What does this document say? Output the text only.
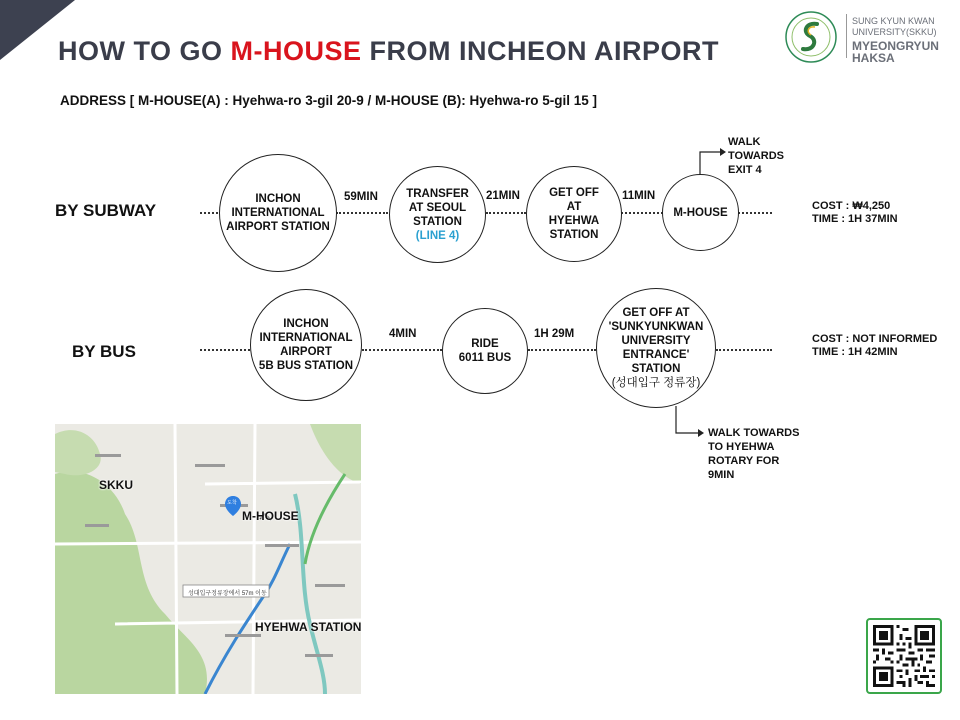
HOW TO GO M-HOUSE FROM INCHEON AIRPORT
ADDRESS [ M-HOUSE(A) : Hyehwa-ro 3-gil 20-9 / M-HOUSE (B): Hyehwa-ro 5-gil 15 ]
SUNG KYUN KWAN UNIVERSITY(SKKU)
MYEONGRYUN HAKSA
BY SUBWAY
INCHON
INTERNATIONAL
AIRPORT STATION
TRANSFER
AT SEOUL
STATION
(LINE 4)
GET OFF
AT
HYEHWA
STATION
M-HOUSE
59MIN	21MIN	11MIN
WALK
TOWARDS
EXIT 4
COST : ₩4,250
TIME : 1H 37MIN
BY BUS
INCHON
INTERNATIONAL
AIRPORT
5B BUS STATION
RIDE
6011 BUS
GET OFF AT
'SUNKYUNKWAN
UNIVERSITY
ENTRANCE'
STATION
(성대입구 정류장)
4MIN	1H 29M
WALK TOWARDS
TO HYEHWA
ROTARY FOR
9MIN
COST : NOT INFORMED
TIME : 1H 42MIN
성대입구정류장에서 57m 이동
도착
SKKU
M-HOUSE
HYEHWA STATION
